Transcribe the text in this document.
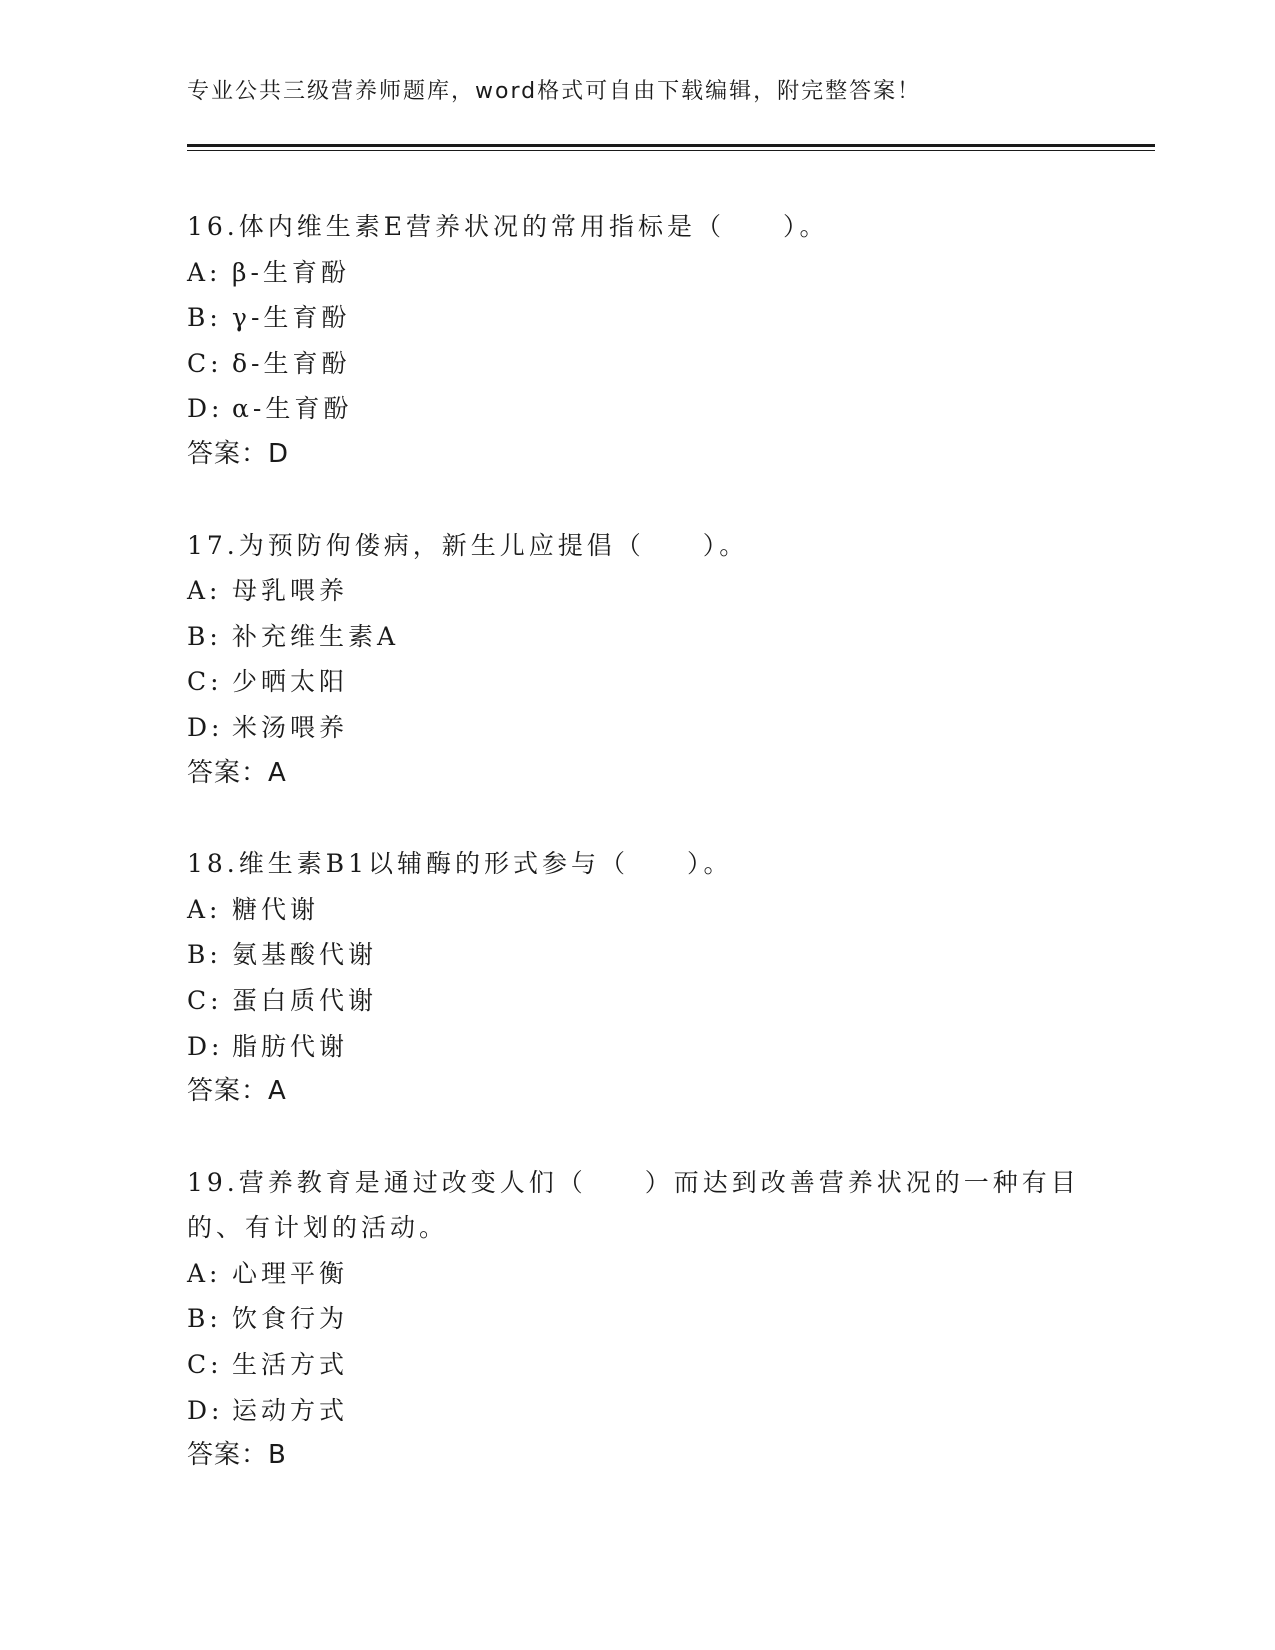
专业公共三级营养师题库，word格式可自由下载编辑，附完整答案！
16.体内维生素E营养状况的常用指标是（　　）。
A: β-生育酚
B: γ-生育酚
C: δ-生育酚
D: α-生育酚
答案：D
17.为预防佝偻病，新生儿应提倡（　　）。
A: 母乳喂养
B: 补充维生素A
C: 少晒太阳
D: 米汤喂养
答案：A
18.维生素B1以辅酶的形式参与（　　）。
A: 糖代谢
B: 氨基酸代谢
C: 蛋白质代谢
D: 脂肪代谢
答案：A
19.营养教育是通过改变人们（　　）而达到改善营养状况的一种有目
的、有计划的活动。
A: 心理平衡
B: 饮食行为
C: 生活方式
D: 运动方式
答案：B
